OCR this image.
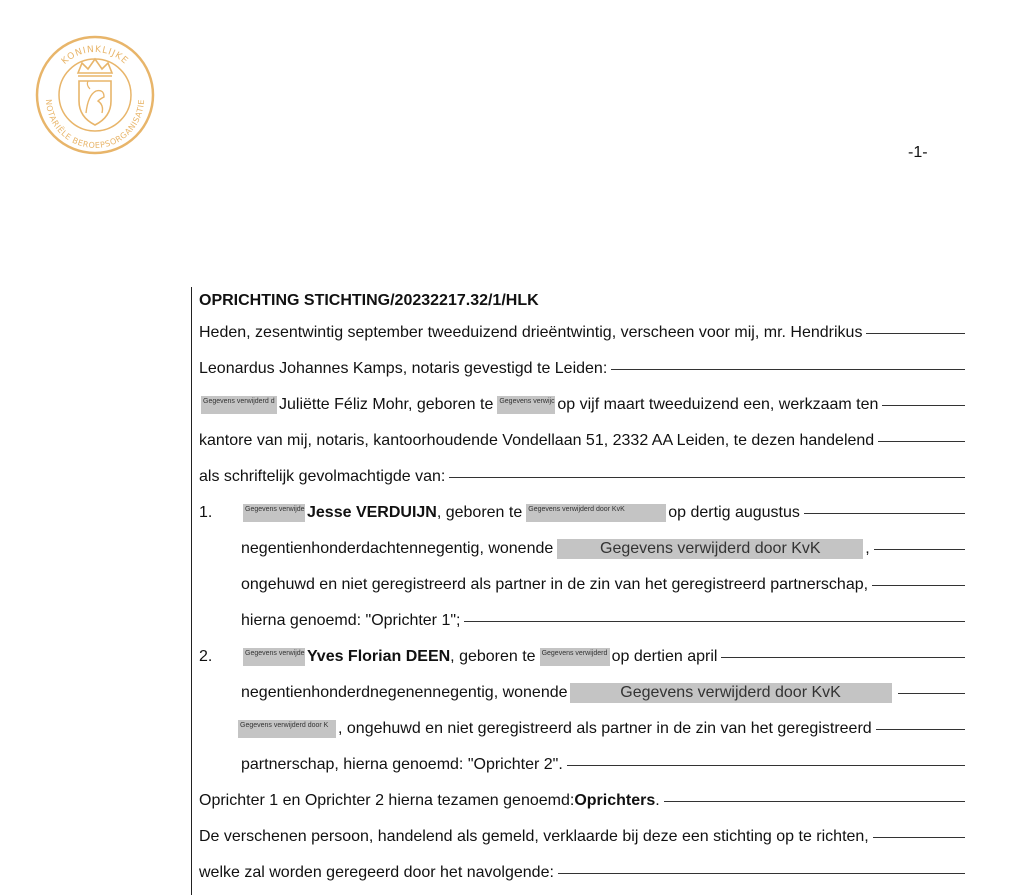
KONINKLIJKE
NOTARIËLE BEROEPSORGANISATIE
-1-
OPRICHTING STICHTING/20232217.32/1/HLK
Heden, zesentwintig september tweeduizend drieëntwintig, verscheen voor mij, mr. Hendrikus
Leonardus Johannes Kamps, notaris gevestigd te Leiden:
Gegevens verwijderd d Juliëtte Féliz Mohr, geboren te Gegevens verwijc op vijf maart tweeduizend een, werkzaam ten
kantore van mij, notaris, kantoorhoudende Vondellaan 51, 2332 AA Leiden, te dezen handelend
als schriftelijk gevolmachtigde van:
1.	Gegevens verwijde Jesse VERDUIJN , geboren te Gegevens verwijderd door KvK	op dertig augustus
negentienhonderdachtennegentig, wonende	Gegevens verwijderd door KvK	,
ongehuwd en niet geregistreerd als partner in de zin van het geregistreerd partnerschap,
hierna genoemd: "Oprichter 1";
2.	Gegevens verwijde Yves Florian DEEN , geboren te Gegevens verwijderd op dertien april
negentienhonderdnegenennegentig, wonende	Gegevens verwijderd door KvK
Gegevens verwijderd door K , ongehuwd en niet geregistreerd als partner in de zin van het geregistreerd
partnerschap, hierna genoemd: "Oprichter 2".
Oprichter 1 en Oprichter 2 hierna tezamen genoemd: Oprichters .
De verschenen persoon, handelend als gemeld, verklaarde bij deze een stichting op te richten,
welke zal worden geregeerd door het navolgende:
